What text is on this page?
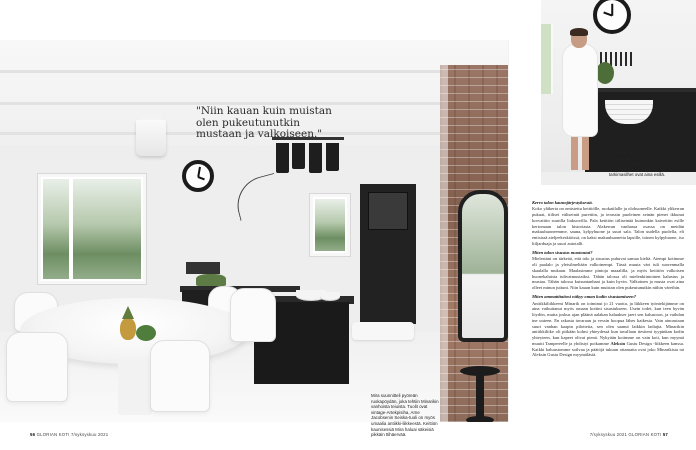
"Niin kauan kuin muistan olen pukeutunutkin mustaan ja valkoiseen."
Mira suunnitteli pyöreän ruokapöydän, joka tehtiin Minarikin vanhoista teiuista. Tuolit ovat vintage-Artekpisiha, Arne Jacobsenin Seiska-tuoli on myös umaalia antiikki-liikkeestä. Keittiön kaunisessiä Mira haluai säkeisiä pikkäin ttihäervää.
Keittiön täyspuinen kaasi maalattiin mustaksi. Mira keräsi vanhoja valkoisia astioita, ja suurest tarkimasilhet ovat aina esillä.

Kerro talon kaunojärjestyksestä.

Koko yläkerta on omistettu keittiölle, ruokatilalle ja olohuoneelle. Kaikki ylikerran pukuat, tiiliset väliseinät purettiin, ja terassin puoleinen seinän pienet ikkunat korvattiin suurilla liukuovilla. Pala keittiön tiiliseinää kuinonkin kaivettiin esille kertomaan talon historiasta. Alakerran vanhassa osassa on meidän makuuhuoneemme, sauna, kylpyhuone ja suuri sala. Talon uudella puolella, eli entisissä ateljeekeskiöissä, on kaksi makuuhuonetta lapsille, toinen kylpyhuone, iso liiljarduaja ja suuri autotalli.

Miten talon sisustus muotoutui?

Mielestäni on tärkeää, että talo ja sisustus puhuvat samaa kieltä. Aiempi kotimme oli paalalo ja yleisilmeltään valkoinempi. Tässä muuta väri tuli suorenmalla skaalalla mukaan. Maalasimme pintoja maaalilla, ja myös keittiön valkoisen huonekaluista tulivatmustaiksi. Tähän talossa oli mielenkiintoinen kalustus ja mustaa. Tähän talossa kutsuntanhaat ja kuin hyvin. Valkoinen ja musta ovat aina olleet minun juttuni. Niin kauan kuin muistan olen pukeutunutkin niihin väreihin.

Miten ammattitaitosi näkyy oman kodin sisustamiseen?

Antiikkiliikkeeni Minarik on toiminut jo 21 vuotta, ja liikkeen työntekijämme on aina vaikuttanut myös omaan kotiini sisustukseen. Usein todet, kun teen hyvän löydön, mutta joskus ajan pläänä aalakan haluakser jaert sen kalustoon, ja vaihdan tne uuteen. En rakasta tavaraan ja vessin hoopua lähes kaikesta. Vain ainoastaan suuri vanhan kaapin pilotteita, sen olen saanut laikkin ladiajta. Minarikin antiikkiliike oli pitkään kolmi yhteydessä kun tavallaan tiesiteni tyypinkan kodin yhteyteen, kun kapeet olivat pienä. Nykyään kotimme on vain koti, kun myymä muutti Tampereelle ja yhdistyi poikamme Aleksin Gustu Design -liikkeen kanssa. Kaikki kaluustomme sotlvaa ja päätöjä tukuun ottamatta ovat joko Minarikista tai Aleksin Gustu Design myymälästä.

56 GLORIAN KOTI 7/syksyskuu 2021	7/syksyskuu 2021 GLORIAN KOTI 57
